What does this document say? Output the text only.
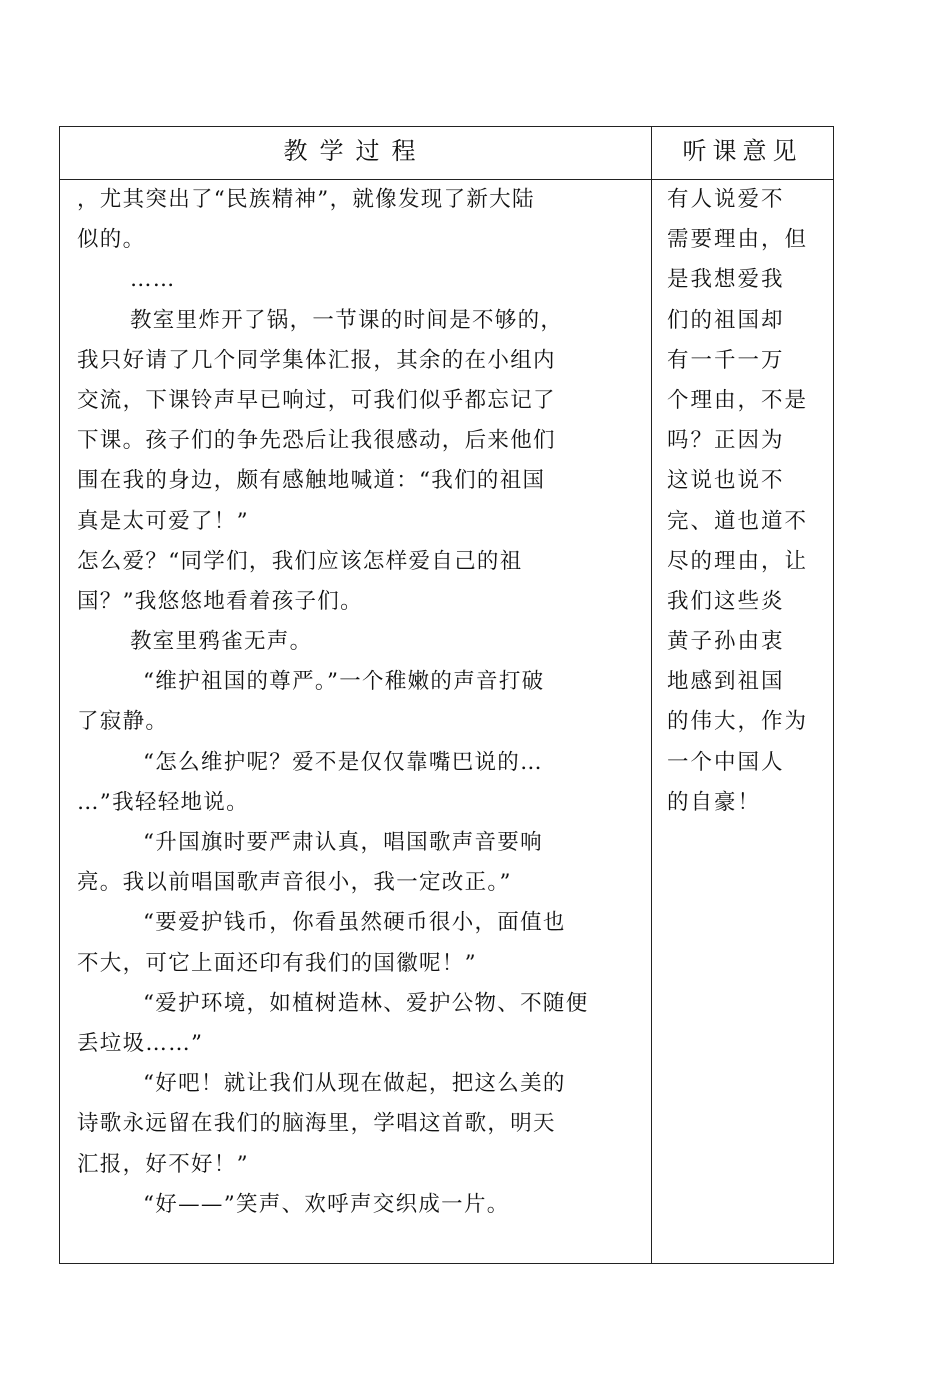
教学过程	听课意见
，尤其突出了“民族精神”，就像发现了新大陆
似的。
……
教室里炸开了锅，一节课的时间是不够的，
我只好请了几个同学集体汇报，其余的在小组内
交流，下课铃声早已响过，可我们似乎都忘记了
下课。孩子们的争先恐后让我很感动，后来他们
围在我的身边，颇有感触地喊道：“我们的祖国
真是太可爱了！”
怎么爱？“同学们，我们应该怎样爱自己的祖
国？”我悠悠地看着孩子们。
教室里鸦雀无声。
“维护祖国的尊严。”一个稚嫩的声音打破
了寂静。
“怎么维护呢？爱不是仅仅靠嘴巴说的…
…”我轻轻地说。
“升国旗时要严肃认真，唱国歌声音要响
亮。我以前唱国歌声音很小，我一定改正。”
“要爱护钱币，你看虽然硬币很小，面值也
不大，可它上面还印有我们的国徽呢！”
“爱护环境，如植树造林、爱护公物、不随便
丢垃圾……”
“好吧！就让我们从现在做起，把这么美的
诗歌永远留在我们的脑海里，学唱这首歌，明天
汇报，好不好！”
“好——”笑声、欢呼声交织成一片。
有人说爱不
需要理由，但
是我想爱我
们的祖国却
有一千一万
个理由，不是
吗？正因为
这说也说不
完、道也道不
尽的理由，让
我们这些炎
黄子孙由衷
地感到祖国
的伟大，作为
一个中国人
的自豪！
